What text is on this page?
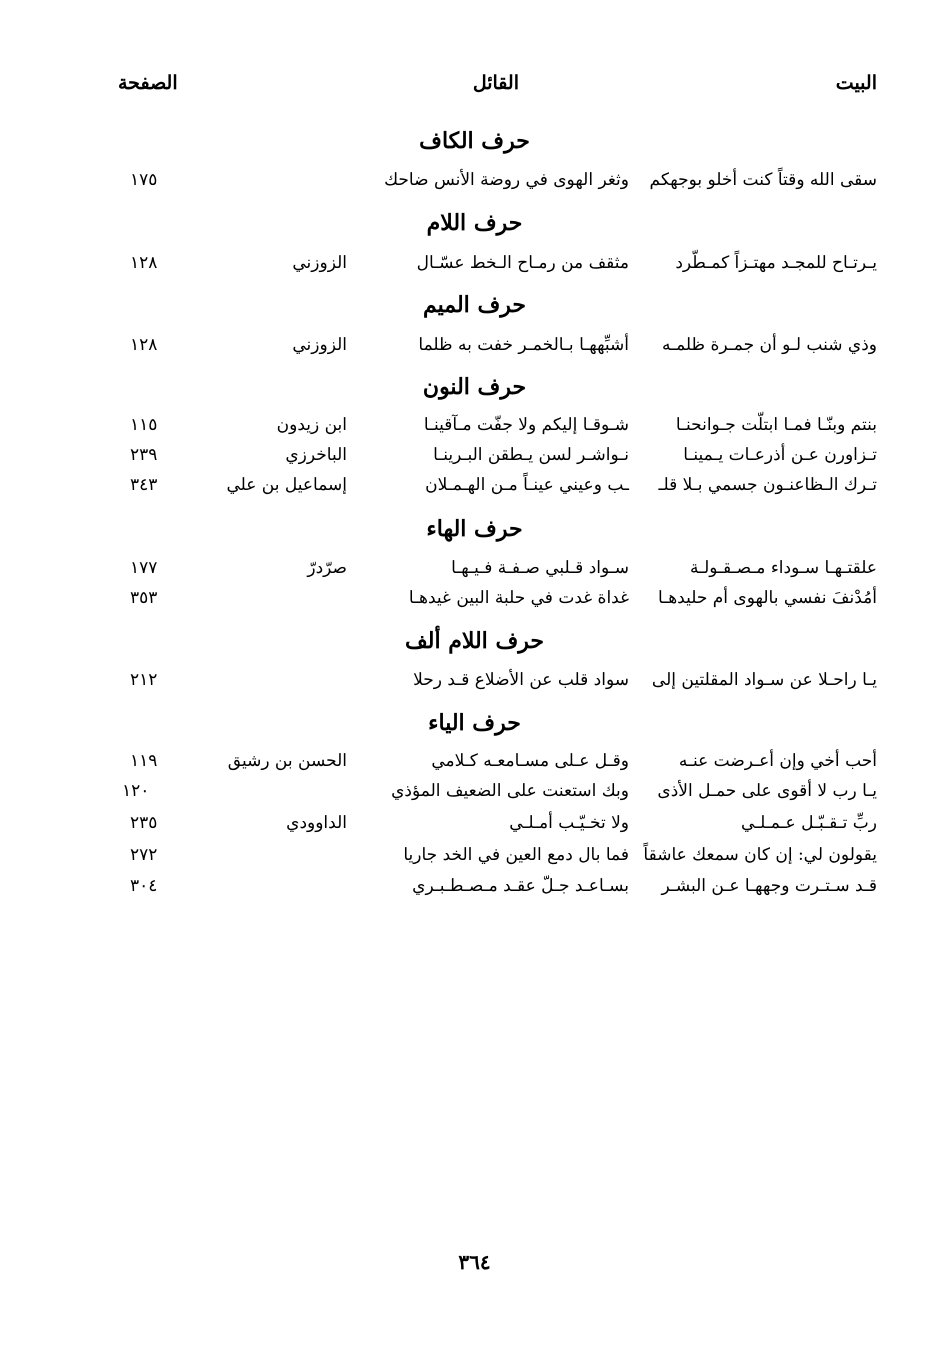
البيت
القائل
الصفحة
حرف الكاف
سقى الله وقتاً كنت أخلو بوجهكم
وثغر الهوى في روضة الأنس ضاحك
١٧٥
حرف اللام
يـرتـاح للمجـد مهتـزاً كمـطّرد
مثقف من رمـاح الـخط عسّـال
الزوزني
١٢٨
حرف الميم
وذي شنب لـو أن جمـرة ظلمـه
أشبِّههـا بـالخمـر خفت به ظلما
الزوزني
١٢٨
حرف النون
بنتم وبنّـا فمـا ابتلّت جـوانحنـا
شـوقـا إليكم ولا جفّت مـآقينـا
ابن زيدون
١١٥
تـزاورن عـن أذرعـات يـمينـا
نـواشـر لسن يـطقن البـرينـا
الباخرزي
٢٣٩
تـرك الـظاعنـون جسمي بـلا قلـ
ـب وعيني عينـاً مـن الهـمـلان
إسماعيل بن علي
٣٤٣
حرف الهاء
علقتـهـا سـوداء مـصـقـولـة
سـواد قـلبي صـفـة فـيـهـا
صرّدرّ
١٧٧
أمُدْنفَ نفسي بالهوى أم حليدهـا
غداة غدت في حلبة البين غيدهـا
٣٥٣
حرف اللام ألف
يـا راحـلا عن سـواد المقلتين إلى
سواد قلب عن الأضلاع قـد رحلا
٢١٢
حرف الياء
أحب أخي وإن أعـرضت عنـه
وقـل عـلى مسـامعـه كـلامي
الحسن بن رشيق
١١٩
يـا رب لا أقوى على حمـل الأذى
وبك استعنت على الضعيف المؤذي
١٢٠
ربِّ تـقـبّـل عـمـلـي
ولا تخـيّـب أمـلـي
الداوودي
٢٣٥
يقولون لي: إن كان سمعك عاشقاً
فما بال دمع العين في الخد جاريا
٢٧٢
قـد سـتـرت وجههـا عـن البشـر
بسـاعـد جـلّ عقـد مـصـطـبـري
٣٠٤
٣٦٤
